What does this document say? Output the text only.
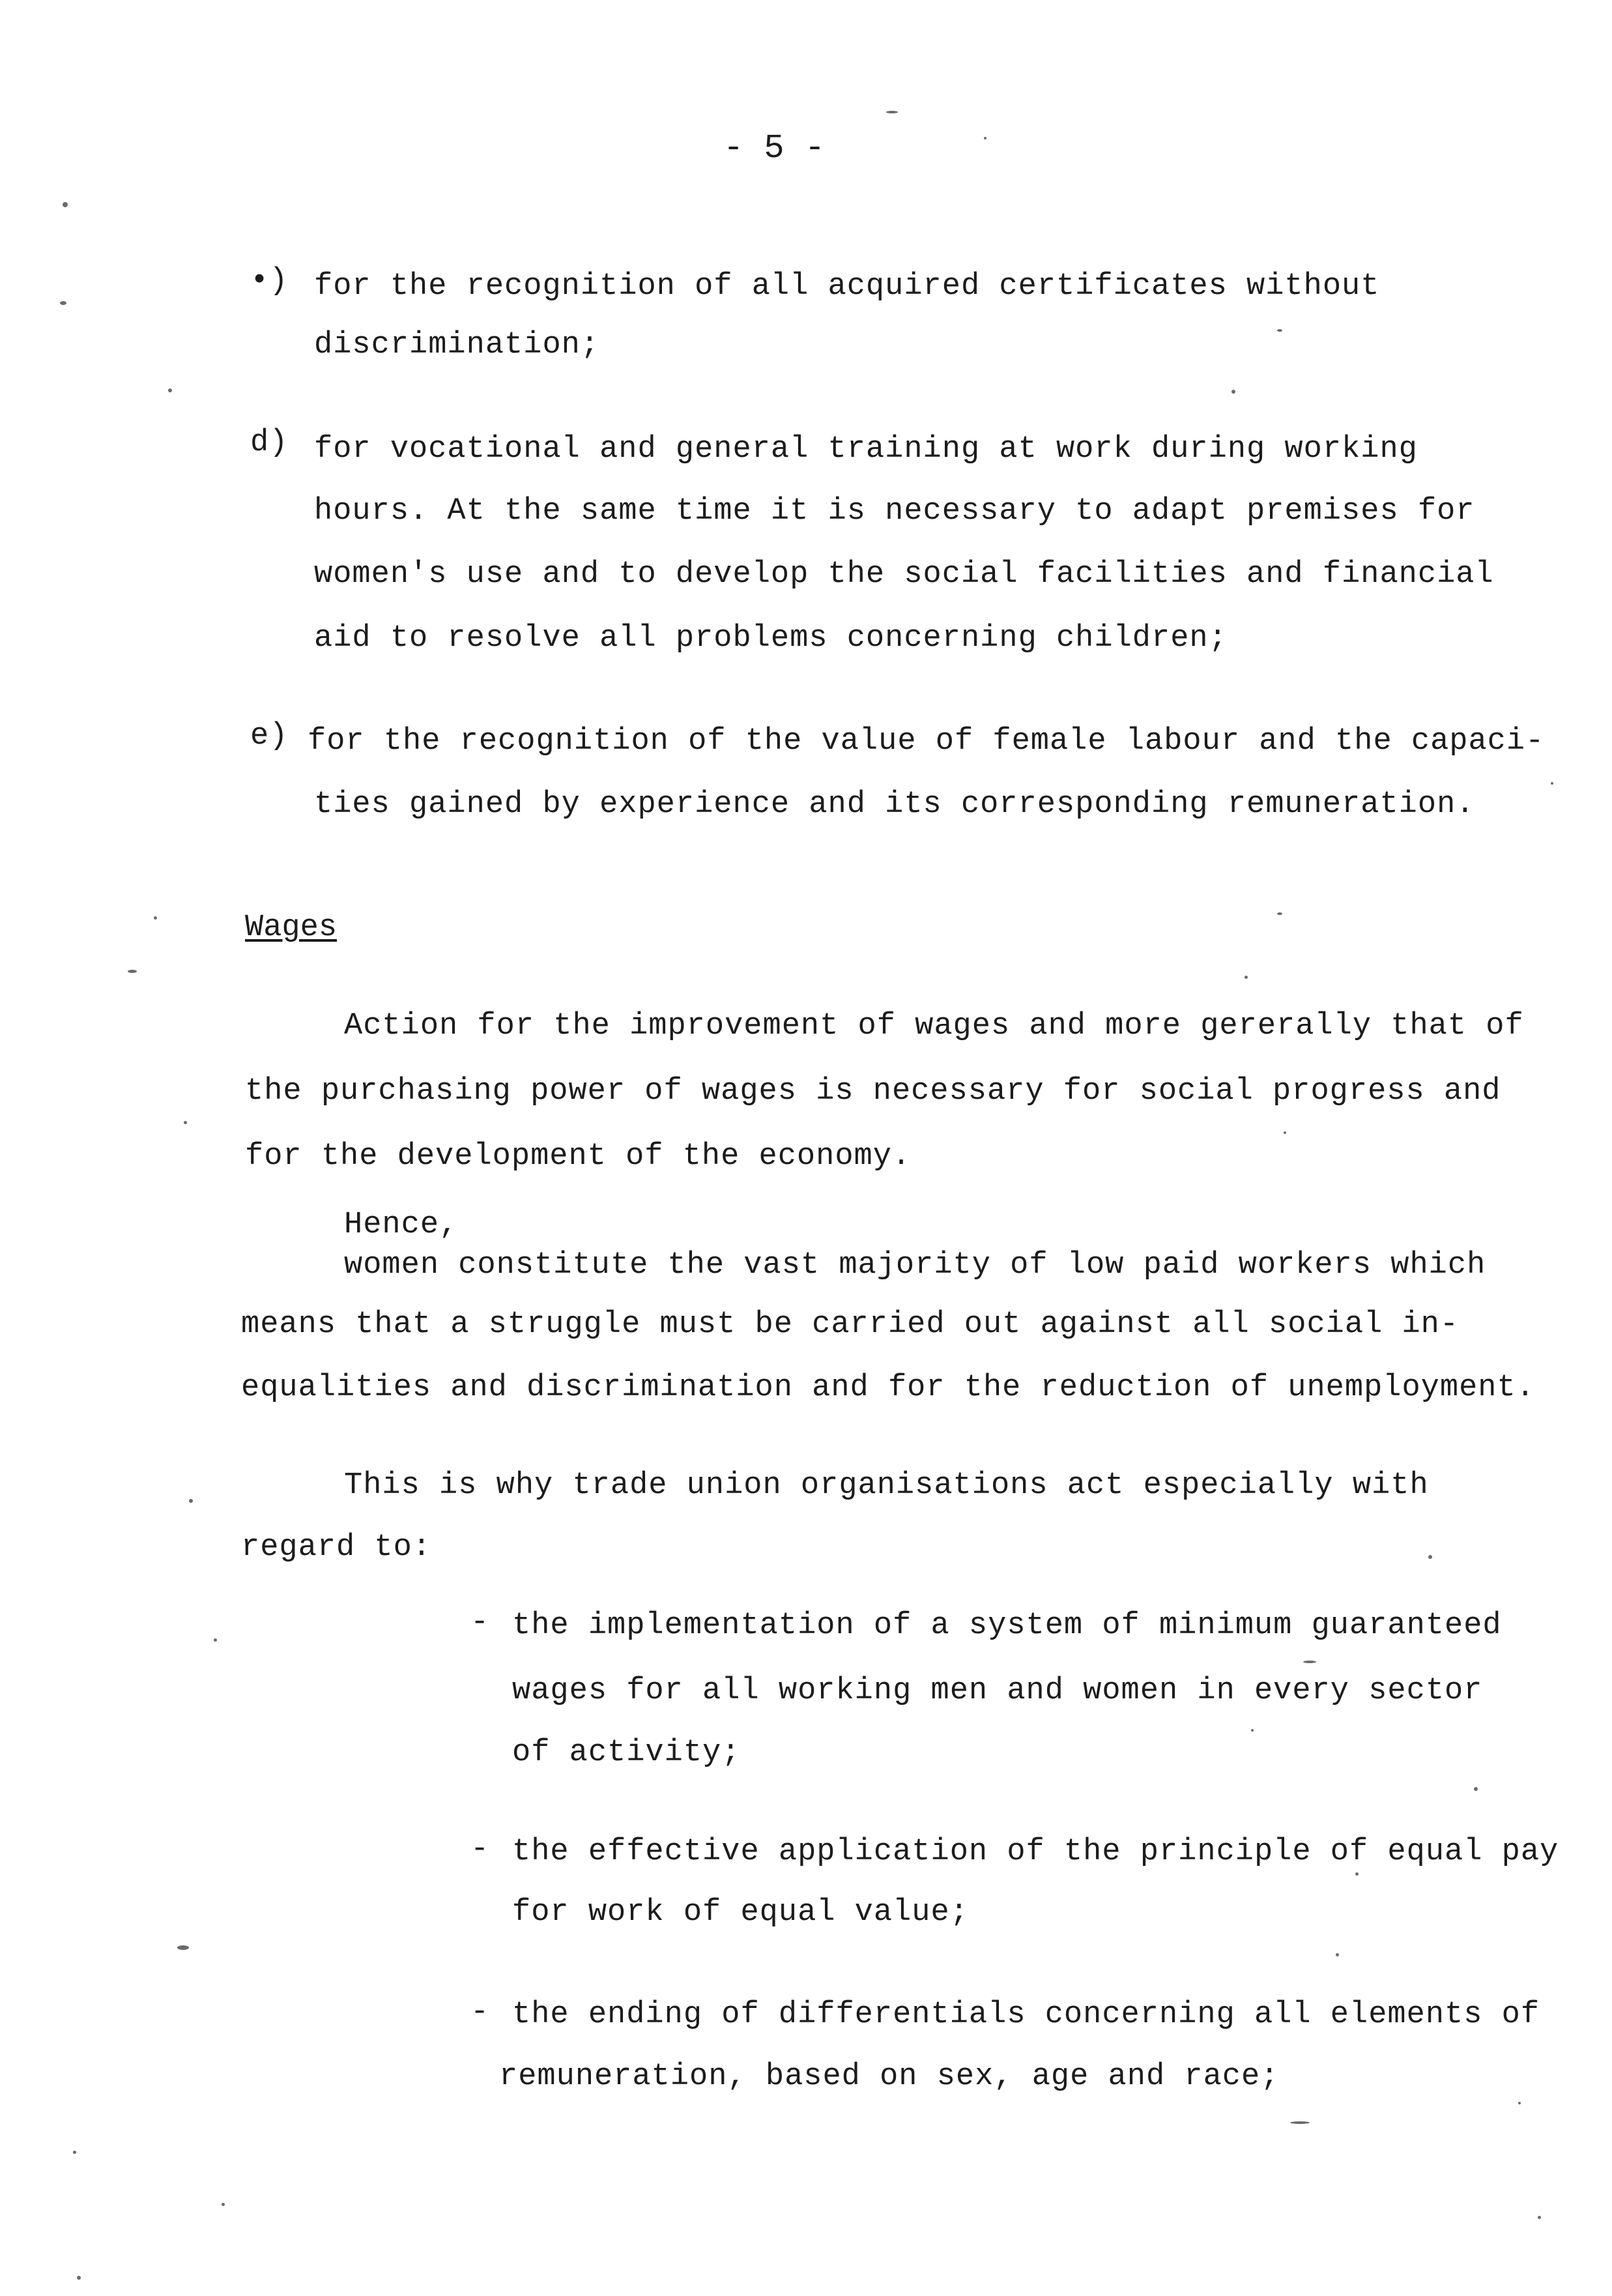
- 5 -
•) for the recognition of all acquired certificates without
discrimination;
d) for vocational and general training at work during working
hours. At the same time it is necessary to adapt premises for
women's use and to develop the social facilities and financial
aid to resolve all problems concerning children;
e) for the recognition of the value of female labour and the capaci-
ties gained by experience and its corresponding remuneration.
Wages
Action for the improvement of wages and more gererally that of
the purchasing power of wages is necessary for social progress and
for the development of the economy.
Hence,
women constitute the vast majority of low paid workers which
means that a struggle must be carried out against all social in-
equalities and discrimination and for the reduction of unemployment.
This is why trade union organisations act especially with
regard to:
- the implementation of a system of minimum guaranteed
wages for all working men and women in every sector
of activity;
- the effective application of the principle of equal pay
for work of equal value;
- the ending of differentials concerning all elements of
remuneration, based on sex, age and race;
